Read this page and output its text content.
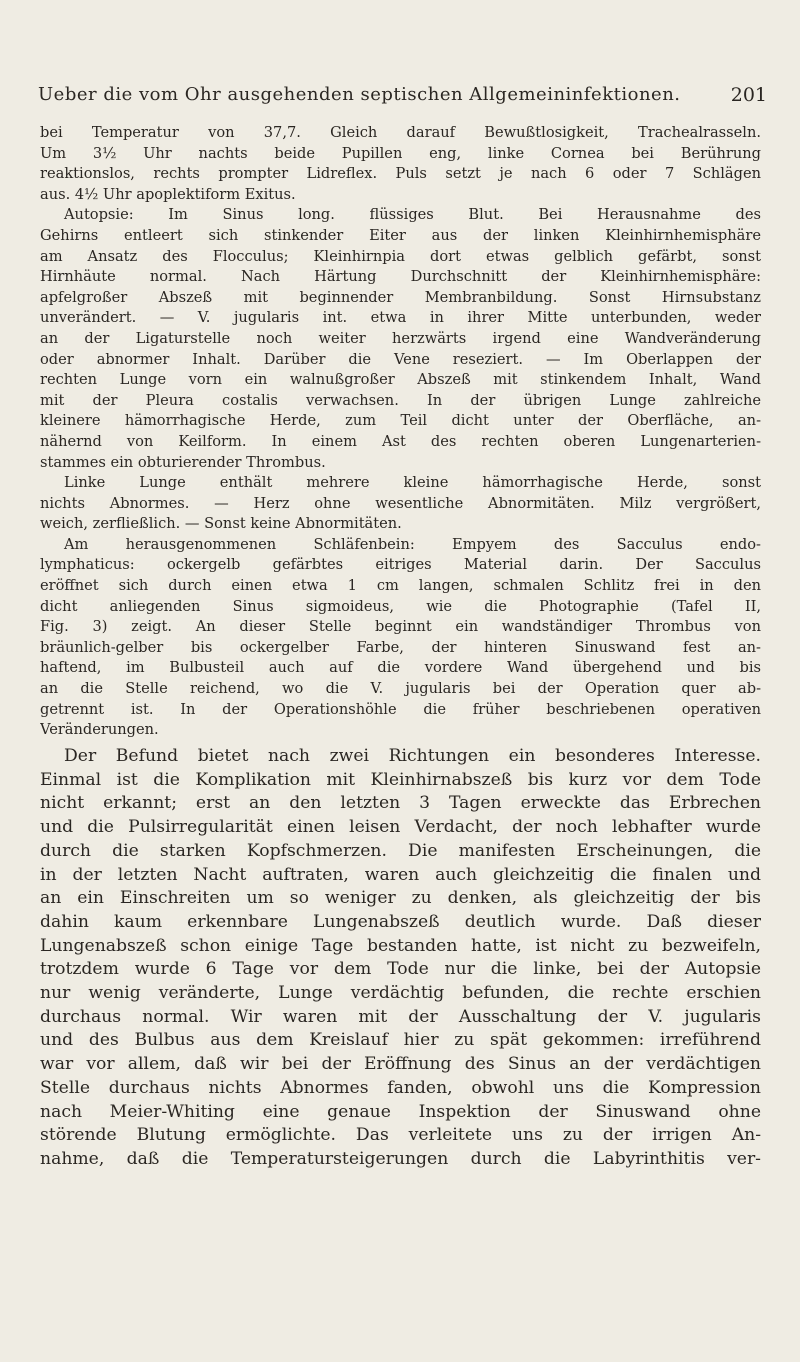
Ueber die vom Ohr ausgehenden septischen Allgemeininfektionen.	201
bei Temperatur von 37,7. Gleich darauf Bewußtlosigkeit, Trachealrasseln.
Um 3½ Uhr nachts beide Pupillen eng, linke Cornea bei Berührung
reaktionslos, rechts prompter Lidreflex. Puls setzt je nach 6 oder 7 Schlägen
aus. 4½ Uhr apoplektiform Exitus.
Autopsie: Im Sinus long. flüssiges Blut. Bei Herausnahme des
Gehirns entleert sich stinkender Eiter aus der linken Kleinhirnhemisphäre
am Ansatz des Flocculus; Kleinhirnpia dort etwas gelblich gefärbt, sonst
Hirnhäute normal. Nach Härtung Durchschnitt der Kleinhirnhemisphäre:
apfelgroßer Abszeß mit beginnender Membranbildung. Sonst Hirnsubstanz
unverändert. — V. jugularis int. etwa in ihrer Mitte unterbunden, weder
an der Ligaturstelle noch weiter herzwärts irgend eine Wandveränderung
oder abnormer Inhalt. Darüber die Vene reseziert. — Im Oberlappen der
rechten Lunge vorn ein walnußgroßer Abszeß mit stinkendem Inhalt, Wand
mit der Pleura costalis verwachsen. In der übrigen Lunge zahlreiche
kleinere hämorrhagische Herde, zum Teil dicht unter der Oberfläche, an-
nähernd von Keilform. In einem Ast des rechten oberen Lungenarterien-
stammes ein obturierender Thrombus.
Linke Lunge enthält mehrere kleine hämorrhagische Herde, sonst
nichts Abnormes. — Herz ohne wesentliche Abnormitäten. Milz vergrößert,
weich, zerfließlich. — Sonst keine Abnormitäten.
Am herausgenommenen Schläfenbein: Empyem des Sacculus endo-
lymphaticus: ockergelb gefärbtes eitriges Material darin. Der Sacculus
eröffnet sich durch einen etwa 1 cm langen, schmalen Schlitz frei in den
dicht anliegenden Sinus sigmoideus, wie die Photographie (Tafel II,
Fig. 3) zeigt. An dieser Stelle beginnt ein wandständiger Thrombus von
bräunlich-gelber bis ockergelber Farbe, der hinteren Sinuswand fest an-
haftend, im Bulbusteil auch auf die vordere Wand übergehend und bis
an die Stelle reichend, wo die V. jugularis bei der Operation quer ab-
getrennt ist. In der Operationshöhle die früher beschriebenen operativen
Veränderungen.
Der Befund bietet nach zwei Richtungen ein besonderes Interesse.
Einmal ist die Komplikation mit Kleinhirnabszeß bis kurz vor dem Tode
nicht erkannt; erst an den letzten 3 Tagen erweckte das Erbrechen
und die Pulsirregularität einen leisen Verdacht, der noch lebhafter wurde
durch die starken Kopfschmerzen. Die manifesten Erscheinungen, die
in der letzten Nacht auftraten, waren auch gleichzeitig die finalen und
an ein Einschreiten um so weniger zu denken, als gleichzeitig der bis
dahin kaum erkennbare Lungenabszeß deutlich wurde. Daß dieser
Lungenabszeß schon einige Tage bestanden hatte, ist nicht zu bezweifeln,
trotzdem wurde 6 Tage vor dem Tode nur die linke, bei der Autopsie
nur wenig veränderte, Lunge verdächtig befunden, die rechte erschien
durchaus normal. Wir waren mit der Ausschaltung der V. jugularis
und des Bulbus aus dem Kreislauf hier zu spät gekommen: irreführend
war vor allem, daß wir bei der Eröffnung des Sinus an der verdächtigen
Stelle durchaus nichts Abnormes fanden, obwohl uns die Kompression
nach Meier-Whiting eine genaue Inspektion der Sinuswand ohne
störende Blutung ermöglichte. Das verleitete uns zu der irrigen An-
nahme, daß die Temperatursteigerungen durch die Labyrinthitis ver-
